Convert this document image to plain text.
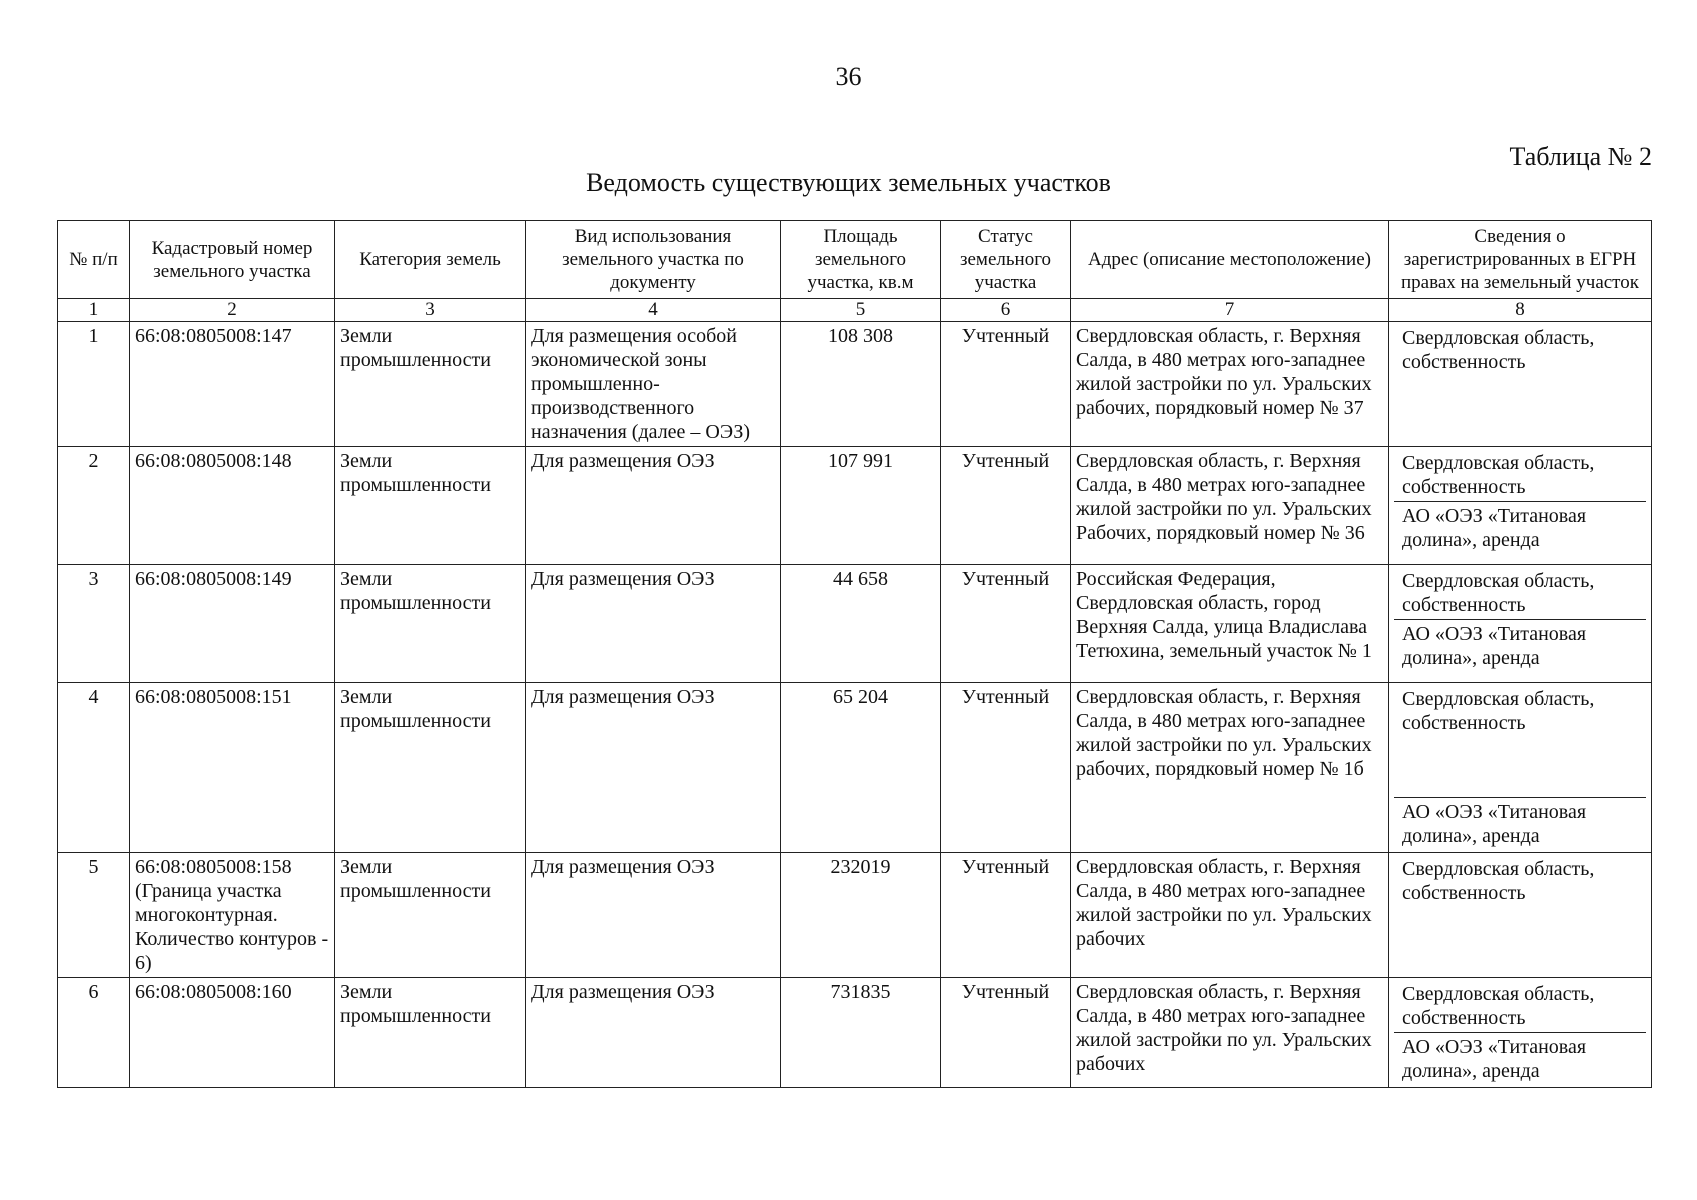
36
Таблица № 2
Ведомость существующих земельных участков
№ п/п	Кадастровый номер земельного участка	Категория земель	Вид использования земельного участка по документу	Площадь земельного участка, кв.м	Статус земельного участка	Адрес (описание местоположение)	Сведения о зарегистрированных в ЕГРН правах на земельный участок
1	2	3	4	5	6	7	8
1	66:08:0805008:147	Земли промышленности	Для размещения особой экономической зоны промышленно-производственного назначения (далее – ОЭЗ)	108 308	Учтенный	Свердловская область, г. Верхняя Салда, в 480 метрах юго-западнее жилой застройки по ул. Уральских рабочих, порядковый номер № 37	Свердловская область, собственность

2	66:08:0805008:148	Земли промышленности	Для размещения ОЭЗ	107 991	Учтенный	Свердловская область, г. Верхняя Салда, в 480 метрах юго-западнее жилой застройки по ул. Уральских Рабочих, порядковый номер № 36	Свердловская область, собственность
АО «ОЭЗ «Титановая долина», аренда

3	66:08:0805008:149	Земли промышленности	Для размещения ОЭЗ	44 658	Учтенный	Российская Федерация, Свердловская область, город Верхняя Салда, улица Владислава Тетюхина, земельный участок № 1	Свердловская область, собственность
АО «ОЭЗ «Титановая долина», аренда

4	66:08:0805008:151	Земли промышленности	Для размещения ОЭЗ	65 204	Учтенный	Свердловская область, г. Верхняя Салда, в 480 метрах юго-западнее жилой застройки по ул. Уральских рабочих, порядковый номер № 1б	Свердловская область, собственность
АО «ОЭЗ «Титановая долина», аренда

5	66:08:0805008:158 (Граница участка многоконтурная. Количество контуров - 6)	Земли промышленности	Для размещения ОЭЗ	232019	Учтенный	Свердловская область, г. Верхняя Салда, в 480 метрах юго-западнее жилой застройки по ул. Уральских рабочих	Свердловская область, собственность

6	66:08:0805008:160	Земли промышленности	Для размещения ОЭЗ	731835	Учтенный	Свердловская область, г. Верхняя Салда, в 480 метрах юго-западнее жилой застройки по ул. Уральских рабочих	Свердловская область, собственность
АО «ОЭЗ «Титановая долина», аренда
